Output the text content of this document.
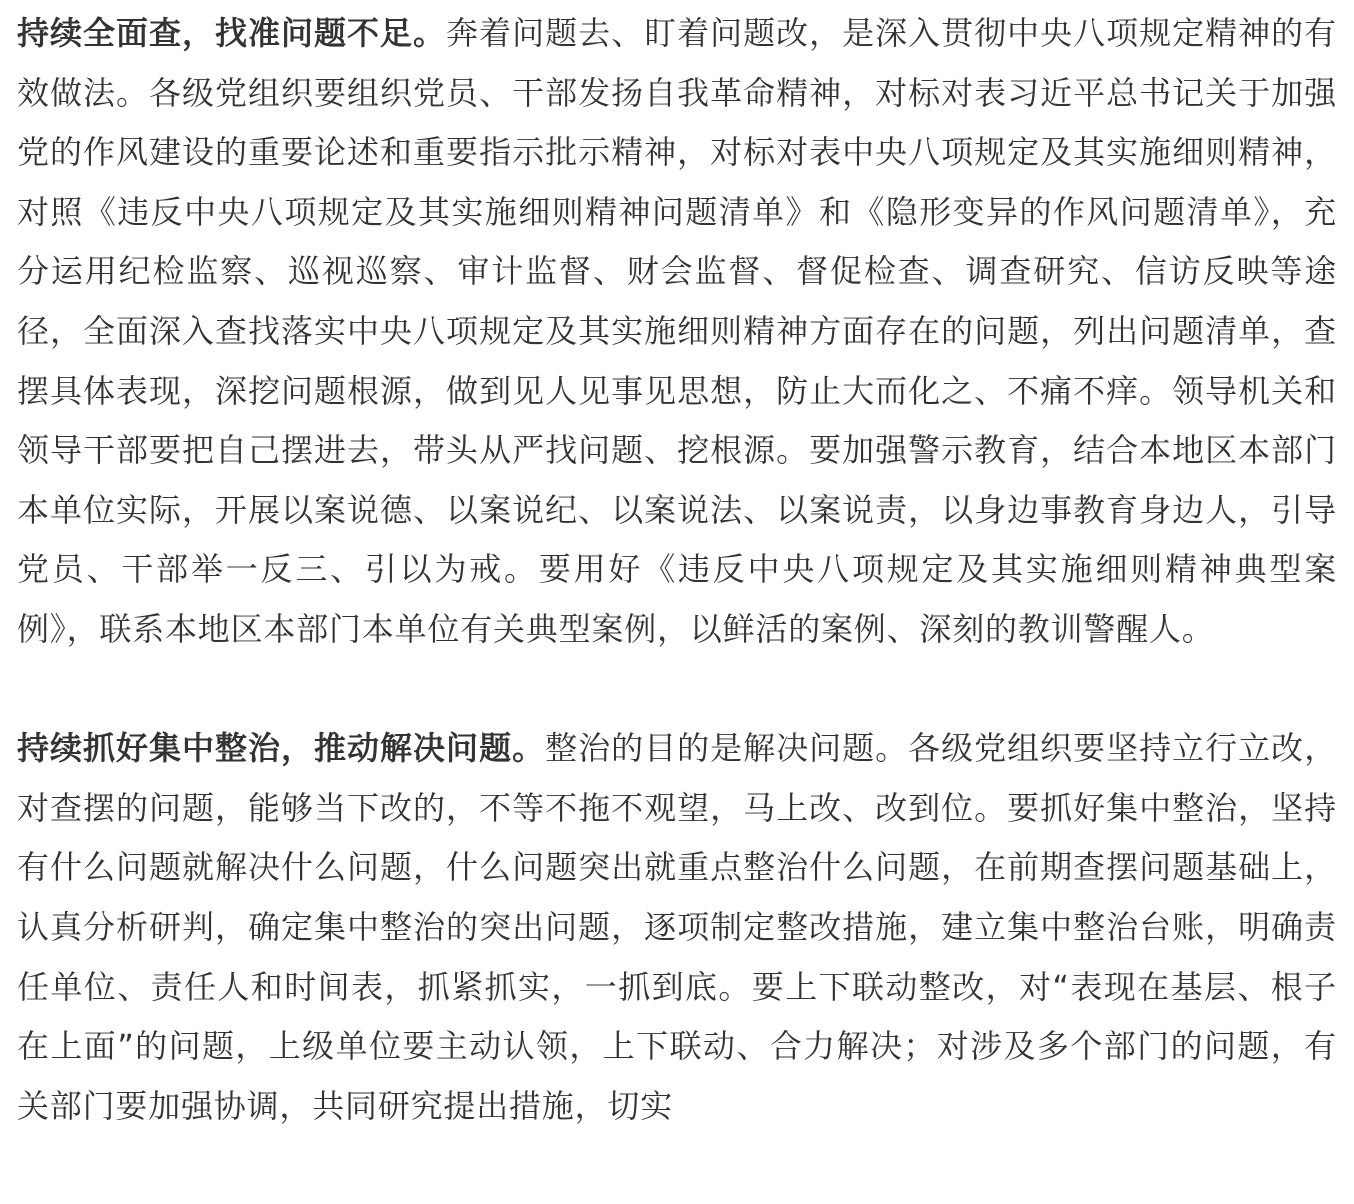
持续全面查，找准问题不足。奔着问题去、盯着问题改，是深入贯彻中央八项规定精神的有效做法。各级党组织要组织党员、干部发扬自我革命精神，对标对表习近平总书记关于加强党的作风建设的重要论述和重要指示批示精神，对标对表中央八项规定及其实施细则精神，对照《违反中央八项规定及其实施细则精神问题清单》和《隐形变异的作风问题清单》，充分运用纪检监察、巡视巡察、审计监督、财会监督、督促检查、调查研究、信访反映等途径，全面深入查找落实中央八项规定及其实施细则精神方面存在的问题，列出问题清单，查摆具体表现，深挖问题根源，做到见人见事见思想，防止大而化之、不痛不痒。领导机关和领导干部要把自己摆进去，带头从严找问题、挖根源。要加强警示教育，结合本地区本部门本单位实际，开展以案说德、以案说纪、以案说法、以案说责，以身边事教育身边人，引导党员、干部举一反三、引以为戒。要用好《违反中央八项规定及其实施细则精神典型案例》，联系本地区本部门本单位有关典型案例，以鲜活的案例、深刻的教训警醒人。

持续抓好集中整治，推动解决问题。整治的目的是解决问题。各级党组织要坚持立行立改，对查摆的问题，能够当下改的，不等不拖不观望，马上改、改到位。要抓好集中整治，坚持有什么问题就解决什么问题，什么问题突出就重点整治什么问题，在前期查摆问题基础上，认真分析研判，确定集中整治的突出问题，逐项制定整改措施，建立集中整治台账，明确责任单位、责任人和时间表，抓紧抓实，一抓到底。要上下联动整改，对“表现在基层、根子在上面”的问题，上级单位要主动认领，上下联动、合力解决；对涉及多个部门的问题，有关部门要加强协调，共同研究提出措施，切实
